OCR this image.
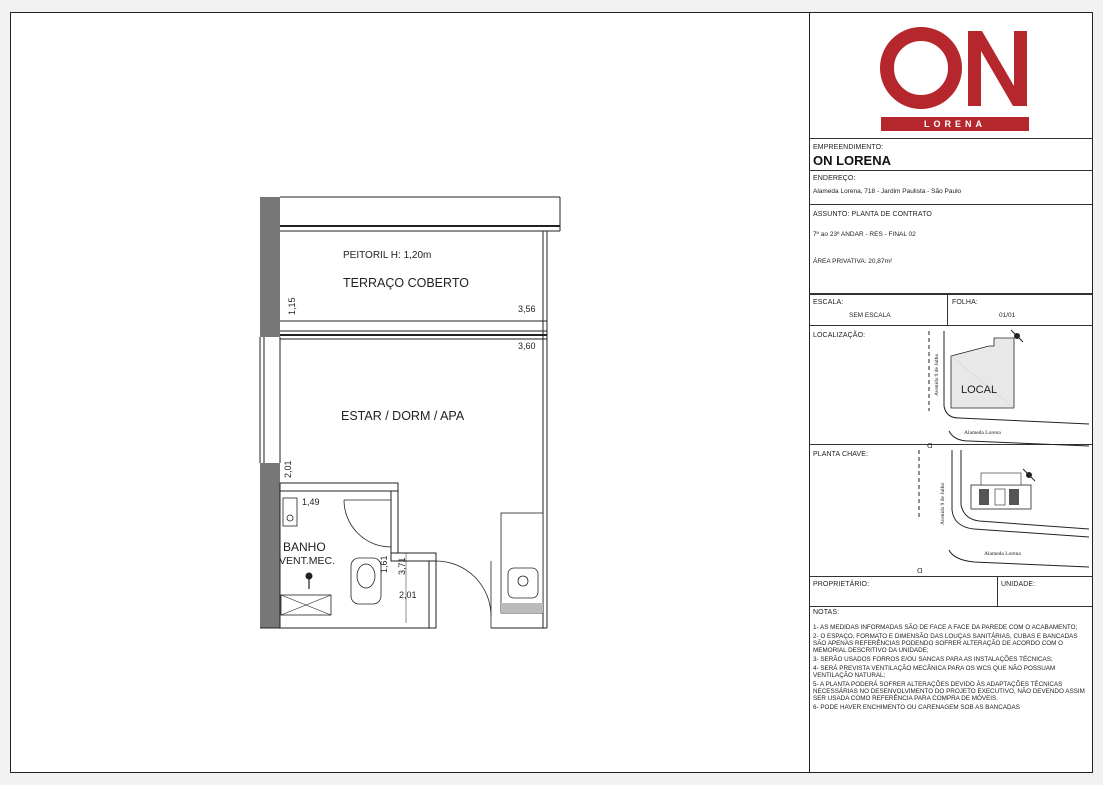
PEITORIL H: 1,20m
TERRAÇO COBERTO
ESTAR / DORM / APA
BANHO
VENT.MEC.
1,15	3,56
3,60
2,01
1,49
1,61 3,71
2,01
LORENA
EMPREENDIMENTO:
ON LORENA
ENDEREÇO:
Alameda Lorena, 718 - Jardim Paulista - São Paulo
ASSUNTO: PLANTA DE CONTRATO
7º ao 23º ANDAR - RES - FINAL 02
ÁREA PRIVATIVA: 20,87m²
ESCALA:
SEM ESCALA
FOLHA:
01/01
LOCALIZAÇÃO:
Avenida 9 de Julho
Alameda Lorena
ᗡ
LOCAL
PLANTA CHAVE:
Avenida 9 de Julho
Alameda Lorena
ᗡ
PROPRIETÁRIO:	UNIDADE:
NOTAS:

1- AS MEDIDAS INFORMADAS SÃO DE FACE A FACE DA PAREDE COM O ACABAMENTO;

2- O ESPAÇO, FORMATO E DIMENSÃO DAS LOUÇAS SANITÁRIAS, CUBAS E BANCADAS SÃO APENAS REFERÊNCIAS PODENDO SOFRER ALTERAÇÃO DE ACORDO COM O MEMORIAL DESCRITIVO DA UNIDADE;

3- SERÃO USADOS FORROS E/OU SANCAS PARA AS INSTALAÇÕES TÉCNICAS;

4- SERÁ PREVISTA VENTILAÇÃO MECÂNICA PARA OS WCS QUE NÃO POSSUAM VENTILAÇÃO NATURAL;

5- A PLANTA PODERÁ SOFRER ALTERAÇÕES DEVIDO ÀS ADAPTAÇÕES TÉCNICAS NECESSÁRIAS NO DESENVOLVIMENTO DO PROJETO EXECUTIVO, NÃO DEVENDO ASSIM SER USADA COMO REFERÊNCIA PARA COMPRA DE MÓVEIS.

6- PODE HAVER ENCHIMENTO OU CARENAGEM SOB AS BANCADAS
